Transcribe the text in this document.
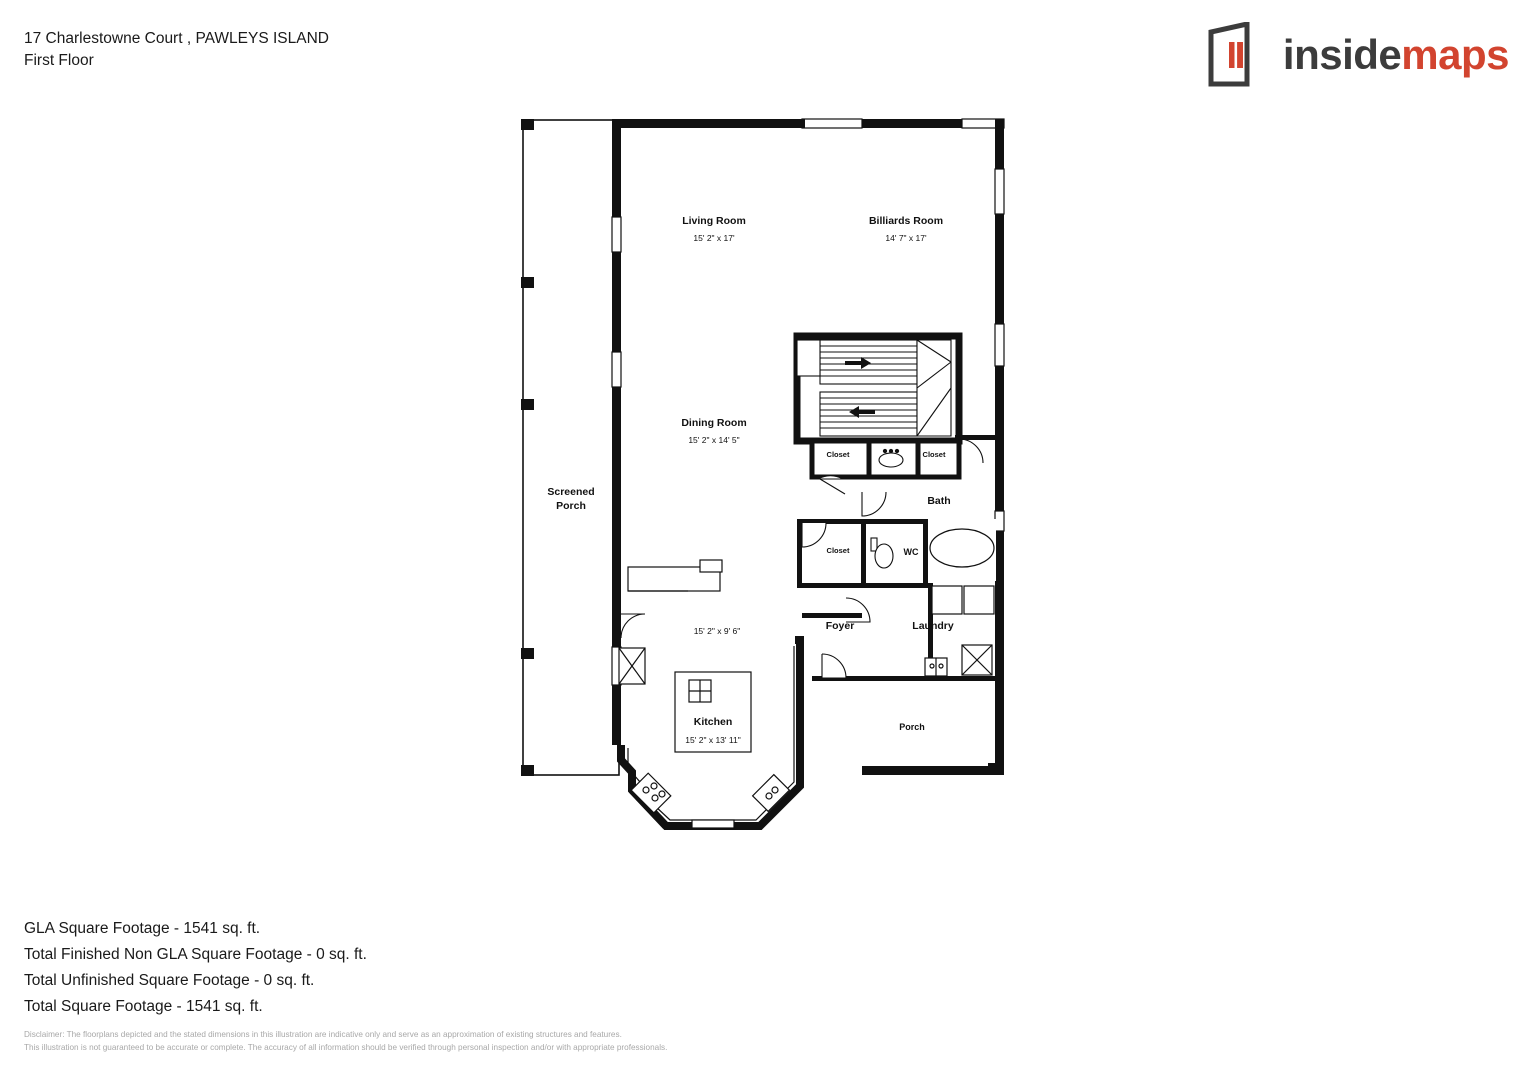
17 Charlestowne Court , PAWLEYS ISLAND
First Floor	insidemaps
Living Room
15' 2" x 17'
Billiards Room
14' 7" x 17'
Dining Room
15' 2" x 14' 5"
Screened
Porch
Closet	Closet
Closet
Bath
WC
Foyer	Laundry
15' 2" x 9' 6"
Kitchen
15' 2" x 13' 11"
Porch
GLA Square Footage - 1541 sq. ft.
Total Finished Non GLA Square Footage - 0 sq. ft.
Total Unfinished Square Footage - 0 sq. ft.
Total Square Footage - 1541 sq. ft.
Disclaimer: The floorplans depicted and the stated dimensions in this illustration are indicative only and serve as an approximation of existing structures and features.
This illustration is not guaranteed to be accurate or complete. The accuracy of all information should be verified through personal inspection and/or with appropriate professionals.
